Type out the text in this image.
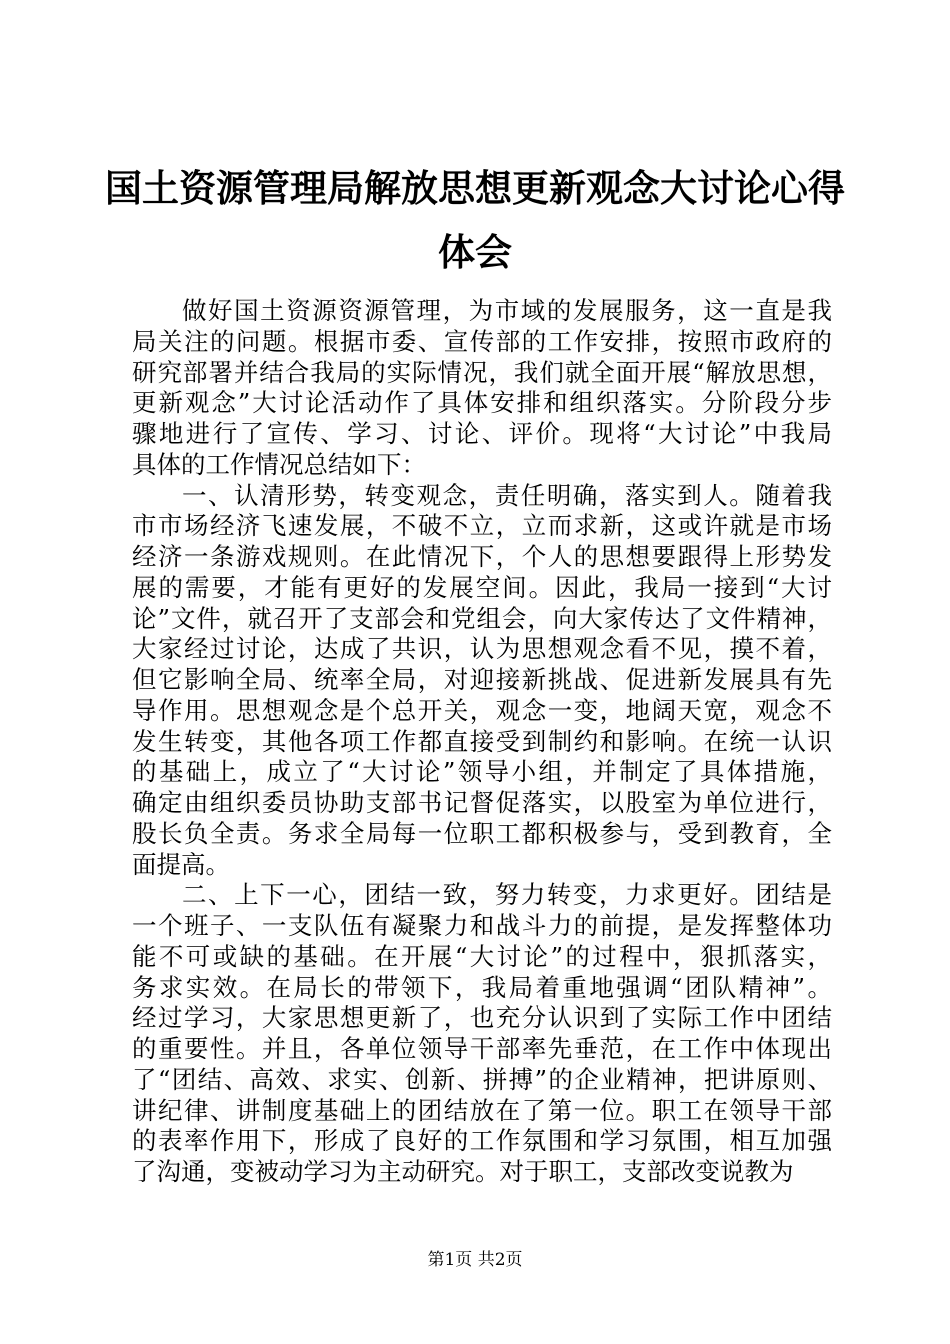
国土资源管理局解放思想更新观念大讨论心得
体会
做好国土资源资源管理，为市域的发展服务，这一直是我
局关注的问题。根据市委、宣传部的工作安排，按照市政府的
研究部署并结合我局的实际情况，我们就全面开展“解放思想，
更新观念”大讨论活动作了具体安排和组织落实。分阶段分步
骤地进行了宣传、学习、讨论、评价。现将“大讨论”中我局
具体的工作情况总结如下：
一、认清形势，转变观念，责任明确，落实到人。随着我
市市场经济飞速发展，不破不立，立而求新，这或许就是市场
经济一条游戏规则。在此情况下，个人的思想要跟得上形势发
展的需要，才能有更好的发展空间。因此，我局一接到“大讨
论”文件，就召开了支部会和党组会，向大家传达了文件精神，
大家经过讨论，达成了共识，认为思想观念看不见，摸不着，
但它影响全局、统率全局，对迎接新挑战、促进新发展具有先
导作用。思想观念是个总开关，观念一变，地阔天宽，观念不
发生转变，其他各项工作都直接受到制约和影响。在统一认识
的基础上，成立了“大讨论”领导小组，并制定了具体措施，
确定由组织委员协助支部书记督促落实，以股室为单位进行，
股长负全责。务求全局每一位职工都积极参与，受到教育，全
面提高。
二、上下一心，团结一致，努力转变，力求更好。团结是
一个班子、一支队伍有凝聚力和战斗力的前提，是发挥整体功
能不可或缺的基础。在开展“大讨论”的过程中，狠抓落实，
务求实效。在局长的带领下，我局着重地强调“团队精神”。
经过学习，大家思想更新了，也充分认识到了实际工作中团结
的重要性。并且，各单位领导干部率先垂范，在工作中体现出
了“团结、高效、求实、创新、拼搏”的企业精神，把讲原则、
讲纪律、讲制度基础上的团结放在了第一位。职工在领导干部
的表率作用下，形成了良好的工作氛围和学习氛围，相互加强
了沟通，变被动学习为主动研究。对于职工，支部改变说教为
第1页 共2页
